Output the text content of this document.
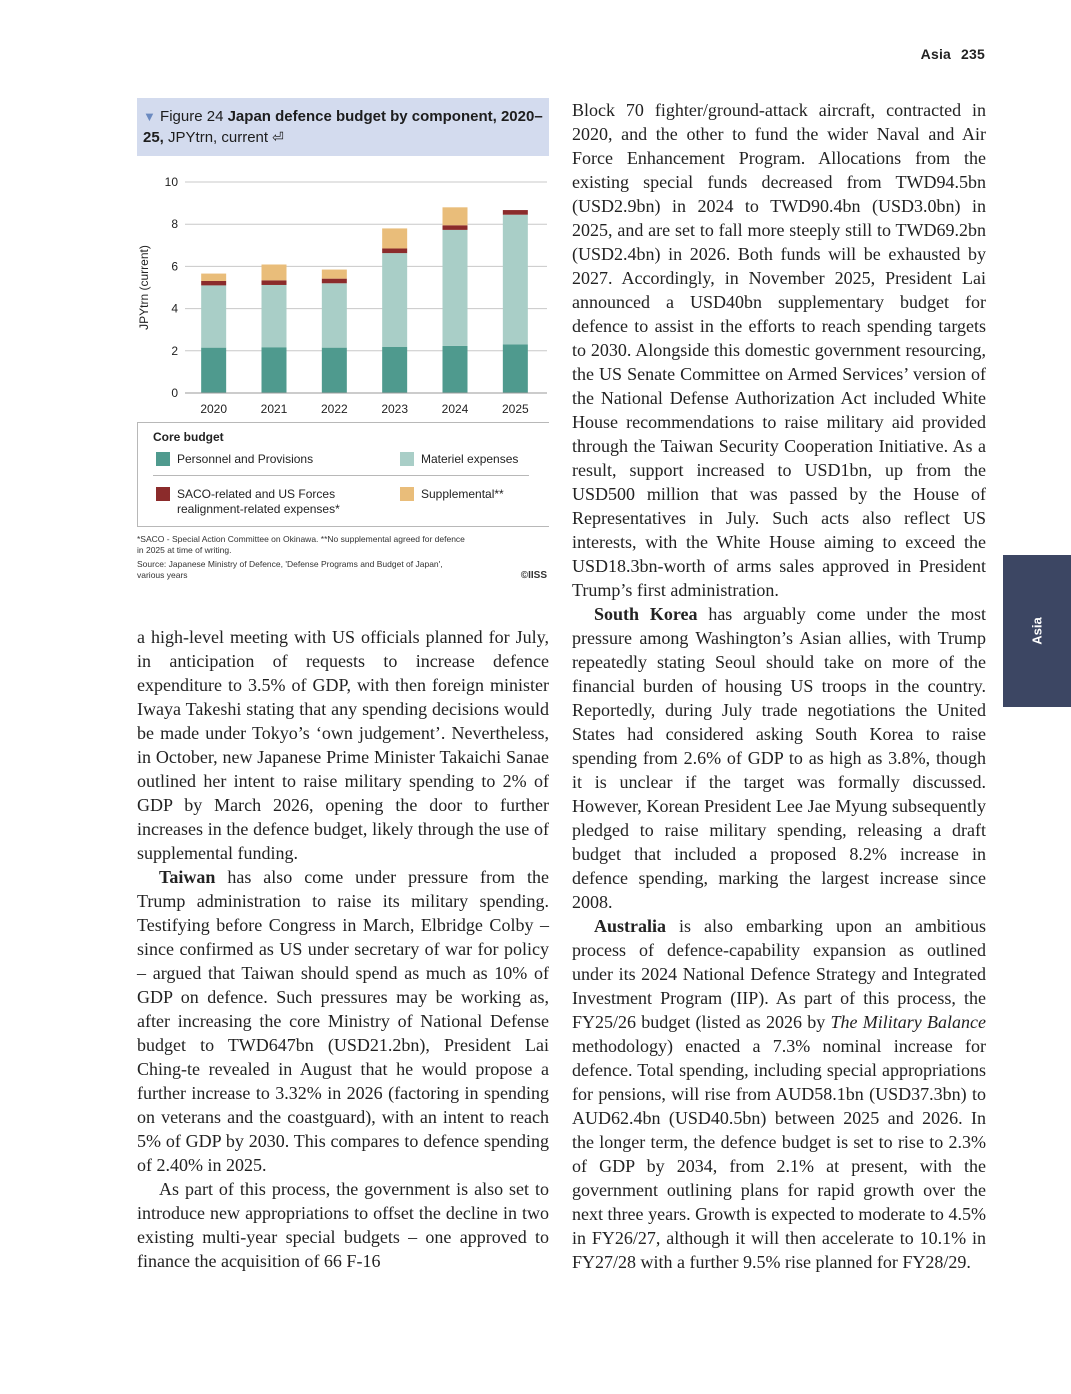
Asia 235
Asia
▼ Figure 24 Japan defence budget by component, 2020–25, JPYtrn, current ⏎
0
2
4
6
8
10
JPYtrn (current)
2020	2021	2022	2023	2024	2025
Core budget
Personnel and Provisions	Materiel expenses
SACO-related and US Forces realignment-related expenses*
Supplemental**

*SACO - Special Action Committee on Okinawa. **No supplemental agreed for defence in 2025 at time of writing.

Source: Japanese Ministry of Defence, 'Defense Programs and Budget of Japan', various years	©IISS

a high-level meeting with US officials planned for July, in anticipation of requests to increase defence expenditure to 3.5% of GDP, with then foreign minister Iwaya Takeshi stating that any spending decisions would be made under Tokyo’s ‘own judgement’. Nevertheless, in October, new Japanese Prime Minister Takaichi Sanae outlined her intent to raise military spending to 2% of GDP by March 2026, opening the door to further increases in the defence budget, likely through the use of supplemental funding.

Taiwan has also come under pressure from the Trump administration to raise its military spending. Testifying before Congress in March, Elbridge Colby – since confirmed as US under secretary of war for policy – argued that Taiwan should spend as much as 10% of GDP on defence. Such pressures may be working as, after increasing the core Ministry of National Defense budget to TWD647bn (USD21.2bn), President Lai Ching-te revealed in August that he would propose a further increase to 3.32% in 2026 (factoring in spending on veterans and the coastguard), with an intent to reach 5% of GDP by 2030. This compares to defence spending of 2.40% in 2025.

As part of this process, the government is also set to introduce new appropriations to offset the decline in two existing multi-year special budgets – one approved to finance the acquisition of 66 F-16

Block 70 fighter/ground-attack aircraft, contracted in 2020, and the other to fund the wider Naval and Air Force Enhancement Program. Allocations from the existing special funds decreased from TWD94.5bn (USD2.9bn) in 2024 to TWD90.4bn (USD3.0bn) in 2025, and are set to fall more steeply still to TWD69.2bn (USD2.4bn) in 2026. Both funds will be exhausted by 2027. Accordingly, in November 2025, President Lai announced a USD40bn supplementary budget for defence to assist in the efforts to reach spending targets to 2030. Alongside this domestic government resourcing, the US Senate Committee on Armed Services’ version of the National Defense Authorization Act included White House recommendations to raise military aid provided through the Taiwan Security Cooperation Initiative. As a result, support increased to USD1bn, up from the USD500 million that was passed by the House of Representatives in July. Such acts also reflect US interests, with the White House aiming to exceed the USD18.3bn-worth of arms sales approved in President Trump’s first administration.

South Korea has arguably come under the most pressure among Washington’s Asian allies, with Trump repeatedly stating Seoul should take on more of the financial burden of housing US troops in the country. Reportedly, during July trade negotiations the United States had considered asking South Korea to raise spending from 2.6% of GDP to as high as 3.8%, though it is unclear if the target was formally discussed. However, Korean President Lee Jae Myung subsequently pledged to raise military spending, releasing a draft budget that included a proposed 8.2% increase in defence spending, marking the largest increase since 2008.

Australia is also embarking upon an ambitious process of defence-capability expansion as outlined under its 2024 National Defence Strategy and Integrated Investment Program (IIP). As part of this process, the FY25/26 budget (listed as 2026 by The Military Balance methodology) enacted a 7.3% nominal increase for defence. Total spending, including special appropriations for pensions, will rise from AUD58.1bn (USD37.3bn) to AUD62.4bn (USD40.5bn) between 2025 and 2026. In the longer term, the defence budget is set to rise to 2.3% of GDP by 2034, from 2.1% at present, with the government outlining plans for rapid growth over the next three years. Growth is expected to moderate to 4.5% in FY26/27, although it will then accelerate to 10.1% in FY27/28 with a further 9.5% rise planned for FY28/29.
